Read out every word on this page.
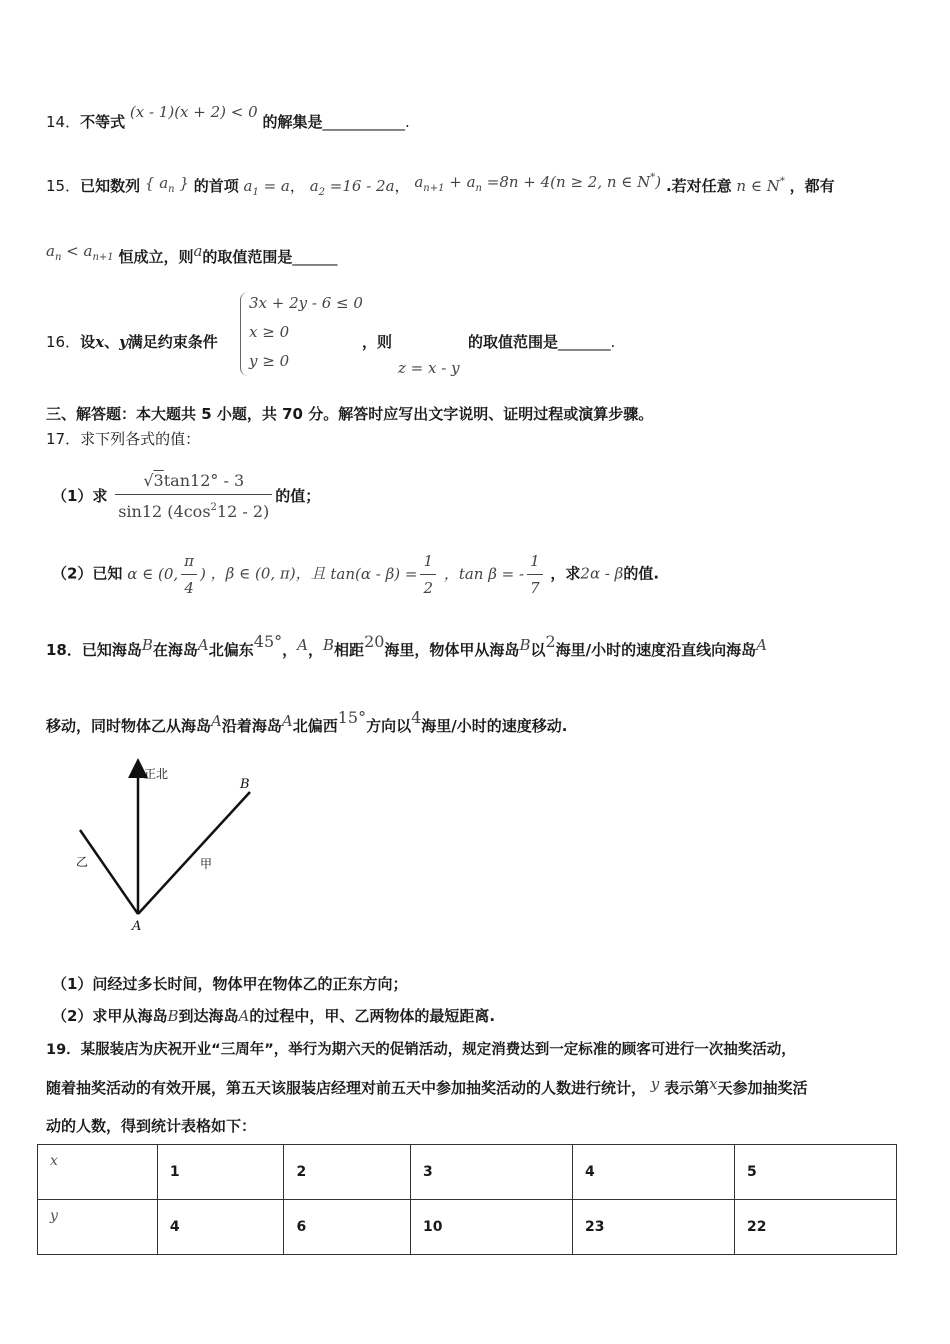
14．不等式 (x - 1)(x + 2) < 0 的解集是___________.
15．已知数列 { $a_n$ } 的首项 $a_1 = a$， $a_2 =16 - 2a$， $a_{n+1} + a_n =8n + 4(n \ge 2$, n ∈ N*) .若对任意 n ∈ N* ，都有
$a_n < a_{n+1}$ 恒成立，则a的取值范围是______
16．设x、y满足约束条件
3x + 2y - 6 ≤ 0
x ≥ 0
y ≥ 0
，则
z = x - y
的取值范围是_______.
三、解答题：本大题共 5 小题，共 70 分。解答时应写出文字说明、证明过程或演算步骤。
17．求下列各式的值：
（1）求 $\frac{√3\tan 12^\circ - 3}{\sin 12 (4\cos^212 - 2)}$ 的值；
（2）已知 α ∈ (0, $\frac{\pi}{4}$ ) ，β ∈ (0, π)，且 $\tan(\alpha - \beta) = \frac{1}{2}$ ，tan β = - $\frac{1}{7}$ ，求2α - β的值.
18．已知海岛B在海岛A北偏东45°，A，B相距20海里，物体甲从海岛B以2海里/小时的速度沿直线向海岛A
移动，同时物体乙从海岛A沿着海岛A北偏西15°方向以4海里/小时的速度移动.
正北
B
A
乙	甲
（1）问经过多长时间，物体甲在物体乙的正东方向；
（2）求甲从海岛B到达海岛A的过程中，甲、乙两物体的最短距离.
19．某服装店为庆祝开业“三周年”，举行为期六天的促销活动，规定消费达到一定标准的顾客可进行一次抽奖活动，
随着抽奖活动的有效开展，第五天该服装店经理对前五天中参加抽奖活动的人数进行统计， y 表示第x天参加抽奖活
动的人数，得到统计表格如下：
x	1	2	3	4	5
y	4	6	10	23	22
